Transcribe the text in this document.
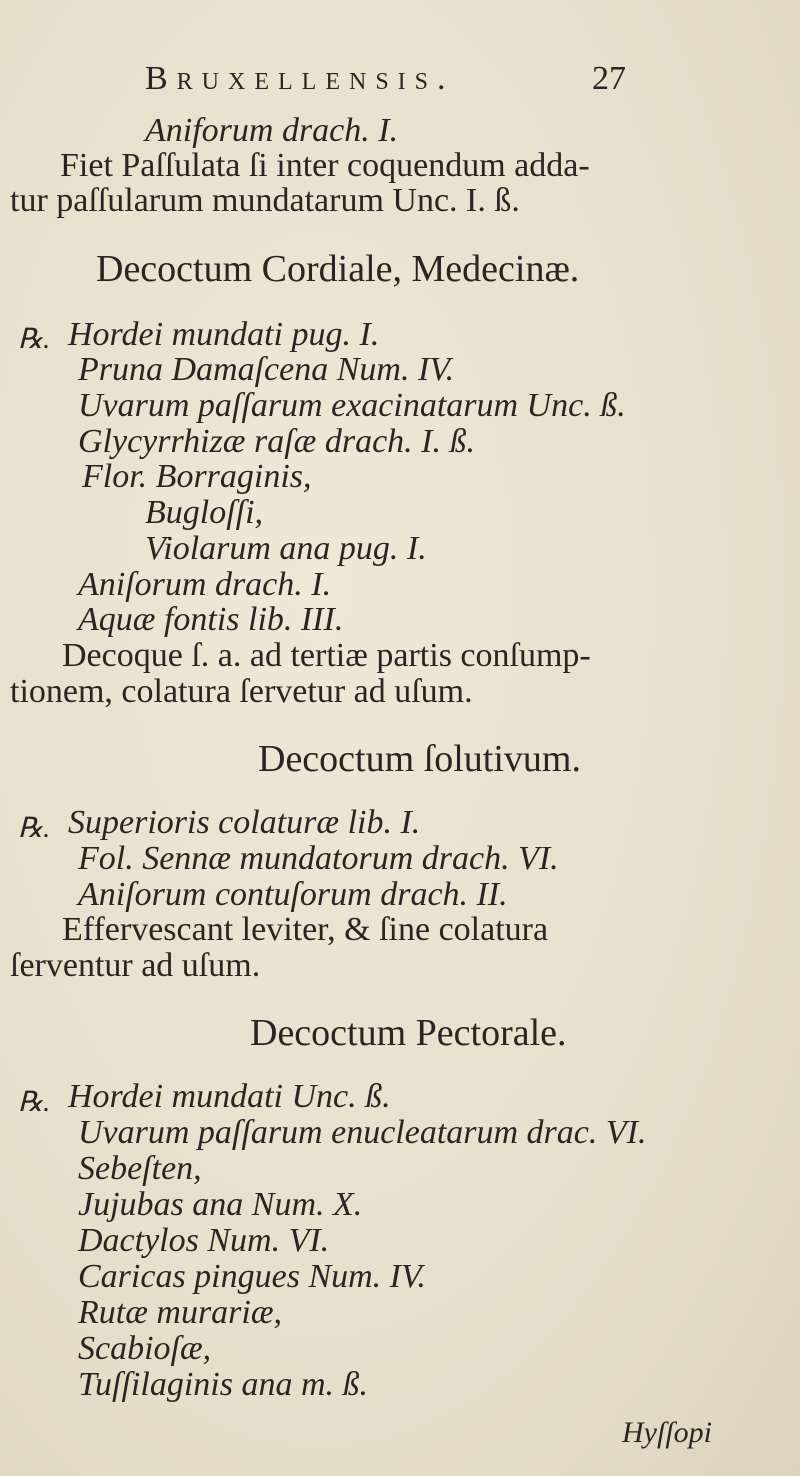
Bruxellensis.	27
Aniforum drach. I.
Fiet Paſſulata ſi inter coquendum adda-
tur paſſularum mundatarum Unc. I. ß.
Decoctum Cordiale, Medecinæ.
℞. Hordei mundati pug. I.
Pruna Damaſcena Num. IV.
Uvarum paſſarum exacinatarum Unc. ß.
Glycyrrhizæ raſæ drach. I. ß.
Flor. Borraginis,
Bugloſſi,
Violarum ana pug. I.
Aniſorum drach. I.
Aquæ fontis lib. III.
Decoque ſ. a. ad tertiæ partis conſump-
tionem, colatura ſervetur ad uſum.
Decoctum ſolutivum.
℞. Superioris colaturæ lib. I.
Fol. Sennæ mundatorum drach. VI.
Aniſorum contuſorum drach. II.
Effervescant leviter, & ſine colatura
ſerventur ad uſum.
Decoctum Pectorale.
℞. Hordei mundati Unc. ß.
Uvarum paſſarum enucleatarum drac. VI.
Sebeſten,
Jujubas ana Num. X.
Dactylos Num. VI.
Caricas pingues Num. IV.
Rutæ murariæ,
Scabioſæ,
Tuſſilaginis ana m. ß.
Hyſſopi
